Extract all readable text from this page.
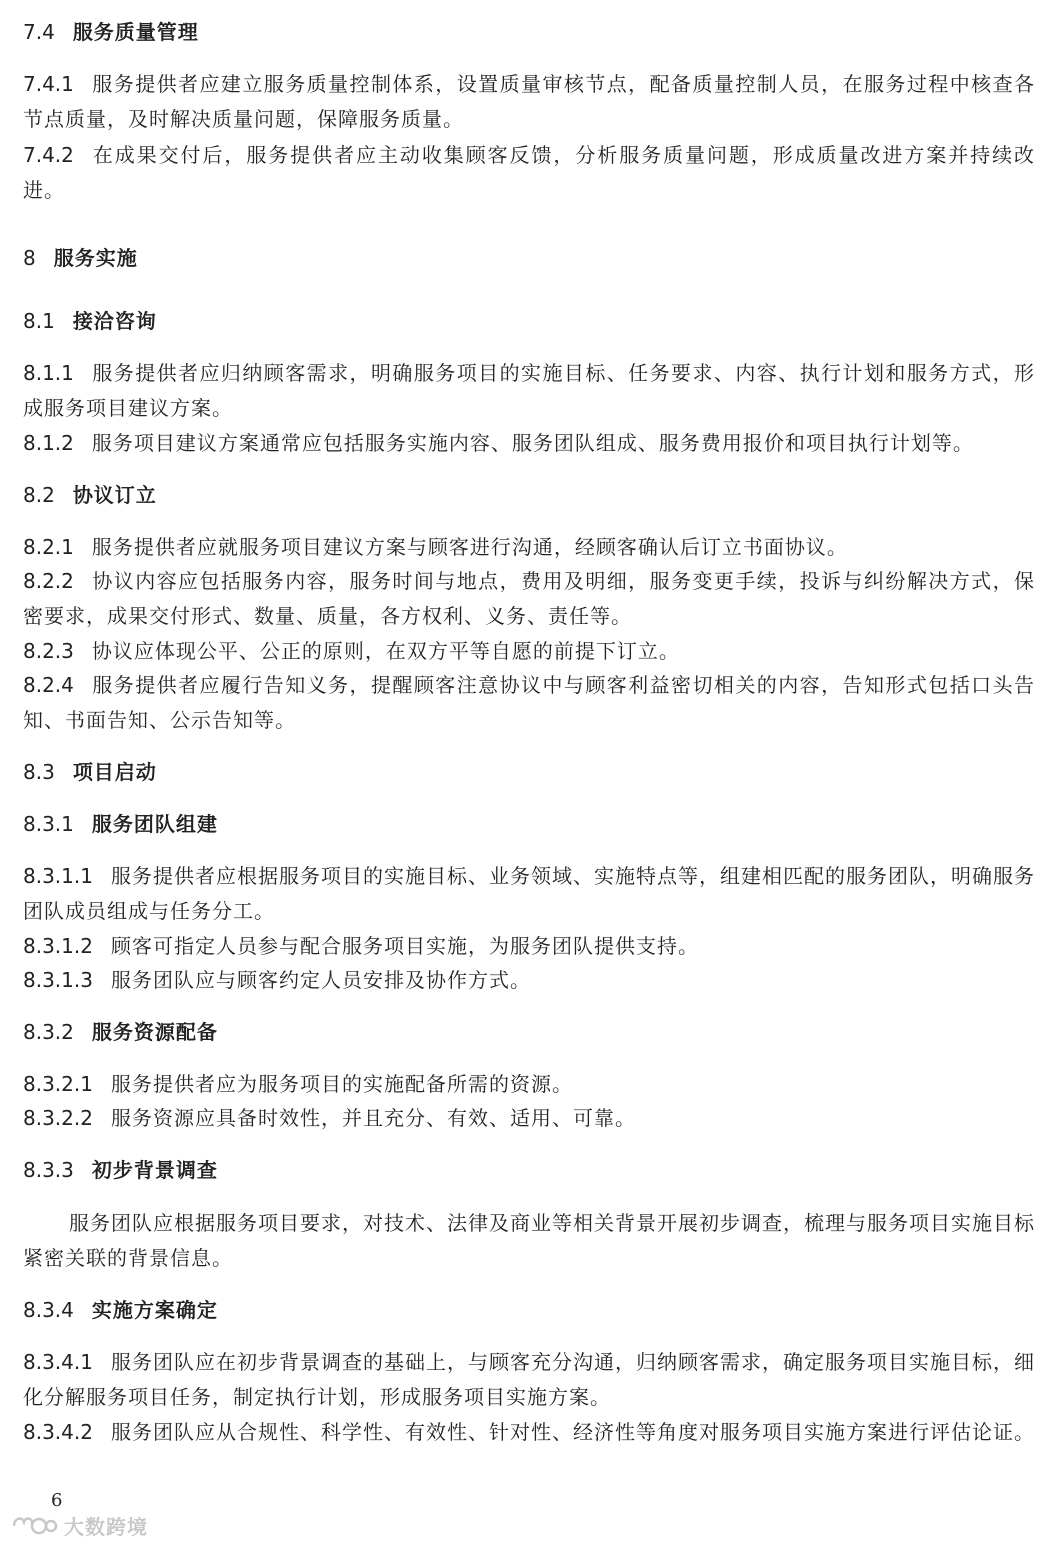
7.4 服务质量管理
7.4.1 服务提供者应建立服务质量控制体系，设置质量审核节点，配备质量控制人员，在服务过程中核查各节点质量，及时解决质量问题，保障服务质量。
7.4.2 在成果交付后，服务提供者应主动收集顾客反馈，分析服务质量问题，形成质量改进方案并持续改进。
8 服务实施
8.1 接洽咨询
8.1.1 服务提供者应归纳顾客需求，明确服务项目的实施目标、任务要求、内容、执行计划和服务方式，形成服务项目建议方案。
8.1.2 服务项目建议方案通常应包括服务实施内容、服务团队组成、服务费用报价和项目执行计划等。
8.2 协议订立
8.2.1 服务提供者应就服务项目建议方案与顾客进行沟通，经顾客确认后订立书面协议。
8.2.2 协议内容应包括服务内容，服务时间与地点，费用及明细，服务变更手续，投诉与纠纷解决方式，保密要求，成果交付形式、数量、质量，各方权利、义务、责任等。
8.2.3 协议应体现公平、公正的原则，在双方平等自愿的前提下订立。
8.2.4 服务提供者应履行告知义务，提醒顾客注意协议中与顾客利益密切相关的内容，告知形式包括口头告知、书面告知、公示告知等。
8.3 项目启动
8.3.1 服务团队组建
8.3.1.1 服务提供者应根据服务项目的实施目标、业务领域、实施特点等，组建相匹配的服务团队，明确服务团队成员组成与任务分工。
8.3.1.2 顾客可指定人员参与配合服务项目实施，为服务团队提供支持。
8.3.1.3 服务团队应与顾客约定人员安排及协作方式。
8.3.2 服务资源配备
8.3.2.1 服务提供者应为服务项目的实施配备所需的资源。
8.3.2.2 服务资源应具备时效性，并且充分、有效、适用、可靠。
8.3.3 初步背景调查
服务团队应根据服务项目要求，对技术、法律及商业等相关背景开展初步调查，梳理与服务项目实施目标紧密关联的背景信息。
8.3.4 实施方案确定
8.3.4.1 服务团队应在初步背景调查的基础上，与顾客充分沟通，归纳顾客需求，确定服务项目实施目标，细化分解服务项目任务，制定执行计划，形成服务项目实施方案。
8.3.4.2 服务团队应从合规性、科学性、有效性、针对性、经济性等角度对服务项目实施方案进行评估论证。
6
大数跨境
